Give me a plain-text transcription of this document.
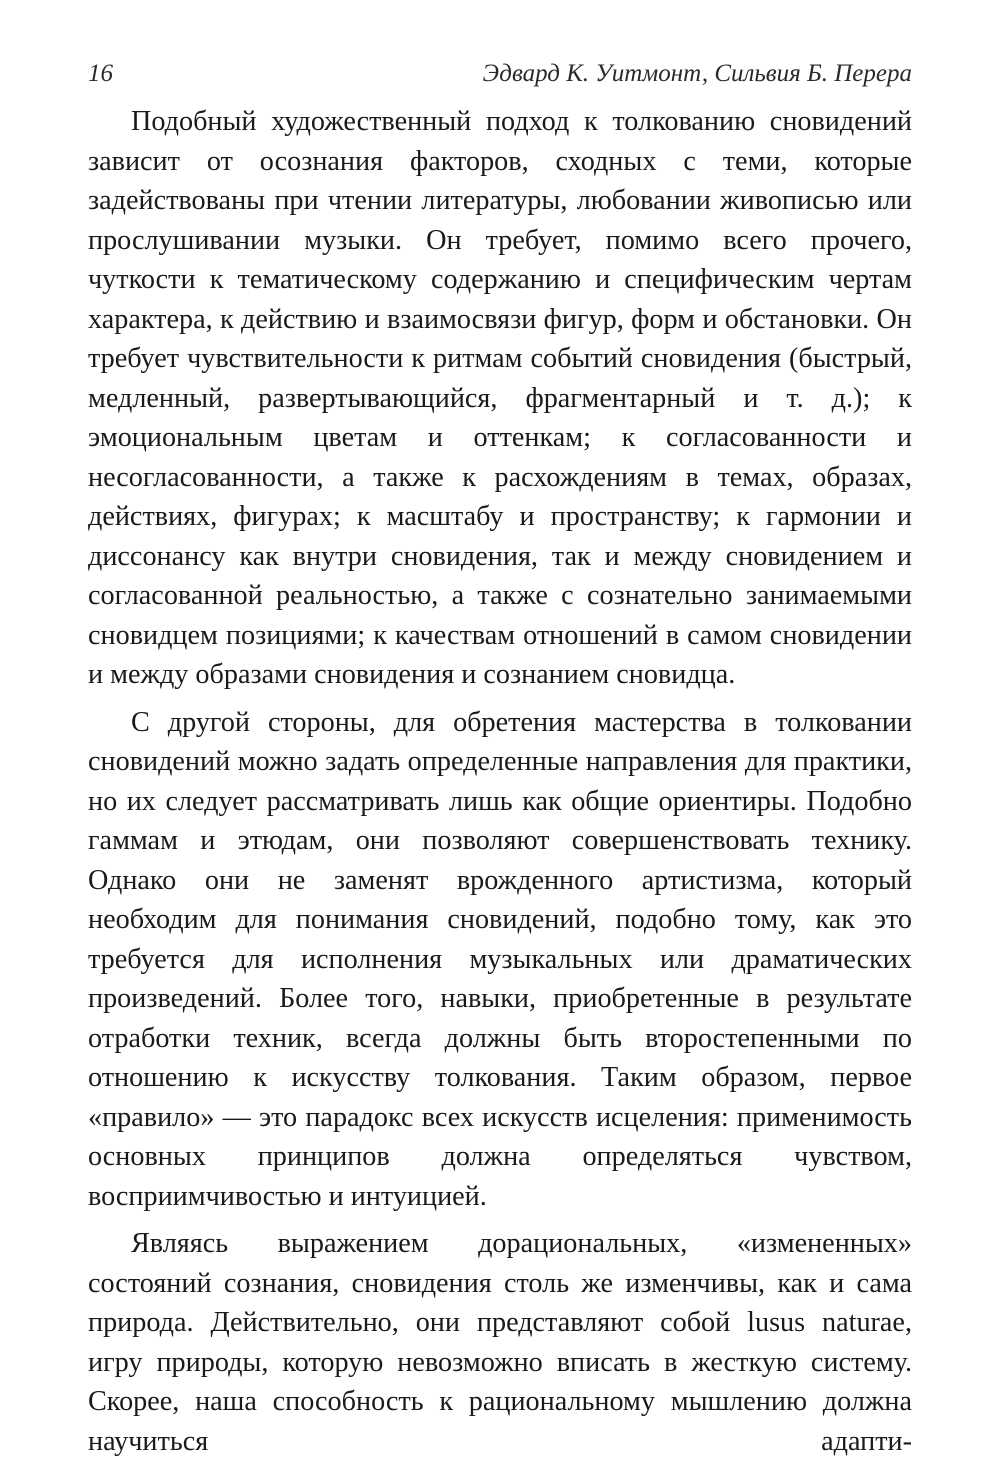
16	Эдвард К. Уитмонт, Сильвия Б. Перера

Подобный художественный подход к толкованию сновидений зависит от осознания факторов, сходных с теми, которые задействованы при чтении литературы, любовании живописью или прослушивании музыки. Он требует, помимо всего прочего, чуткости к тематическому содержанию и специфическим чертам характера, к действию и взаимосвязи фигур, форм и обстановки. Он требует чувствительности к ритмам событий сновидения (быстрый, медленный, развертывающийся, фрагментарный и т. д.); к эмоциональным цветам и оттенкам; к согласованности и несогласованности, а также к расхождениям в темах, образах, действиях, фигурах; к масштабу и пространству; к гармонии и диссонансу как внутри сновидения, так и между сновидением и согласованной реальностью, а также с сознательно занимаемыми сновидцем позициями; к качествам отношений в самом сновидении и между образами сновидения и сознанием сновидца.

С другой стороны, для обретения мастерства в толковании сновидений можно задать определенные направления для практики, но их следует рассматривать лишь как общие ориентиры. Подобно гаммам и этюдам, они позволяют совершенствовать технику. Однако они не заменят врожденного артистизма, который необходим для понимания сновидений, подобно тому, как это требуется для исполнения музыкальных или драматических произведений. Более того, навыки, приобретенные в результате отработки техник, всегда должны быть второстепенными по отношению к искусству толкования. Таким образом, первое «правило» — это парадокс всех искусств исцеления: применимость основных принципов должна определяться чувством, восприимчивостью и интуицией.

Являясь выражением дорациональных, «измененных» состояний сознания, сновидения столь же изменчивы, как и сама природа. Действительно, они представляют собой lusus naturae, игру природы, которую невозможно вписать в жесткую систему. Скорее, наша способность к рациональному мышлению должна научиться адапти-
